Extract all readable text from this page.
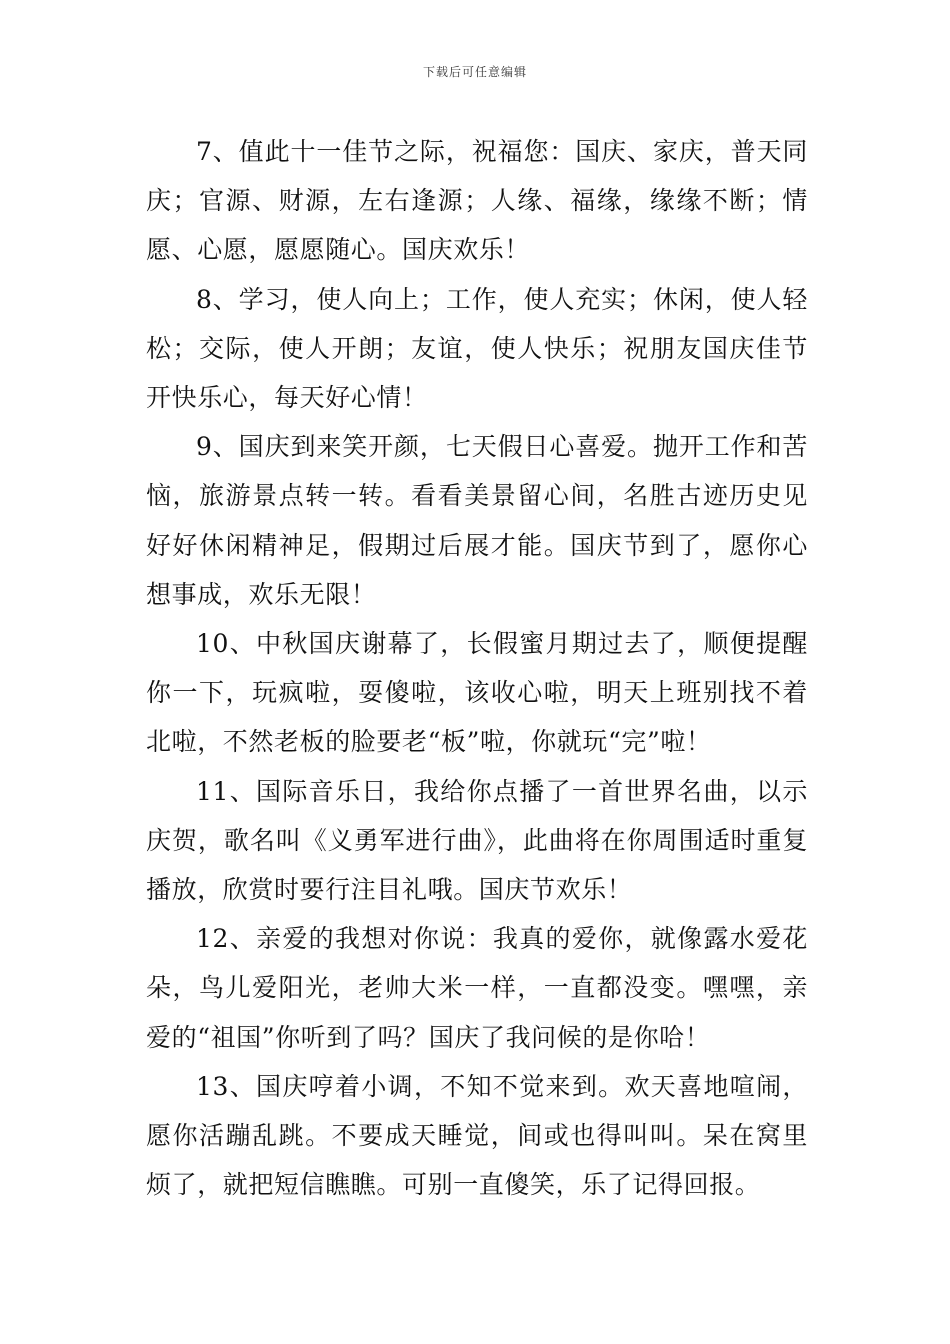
下载后可任意编辑

7、值此十一佳节之际，祝福您：国庆、家庆，普天同庆；官源、财源，左右逢源；人缘、福缘，缘缘不断；情愿、心愿，愿愿随心。国庆欢乐！

8、学习，使人向上；工作，使人充实；休闲，使人轻松；交际，使人开朗；友谊，使人快乐；祝朋友国庆佳节开快乐心，每天好心情！

9、国庆到来笑开颜，七天假日心喜爱。抛开工作和苦恼，旅游景点转一转。看看美景留心间，名胜古迹历史见好好休闲精神足，假期过后展才能。国庆节到了，愿你心想事成，欢乐无限！

10、中秋国庆谢幕了，长假蜜月期过去了，顺便提醒你一下，玩疯啦，耍傻啦，该收心啦，明天上班别找不着北啦，不然老板的脸要老“板”啦，你就玩“完”啦！

11、国际音乐日，我给你点播了一首世界名曲，以示庆贺，歌名叫《义勇军进行曲》，此曲将在你周围适时重复播放，欣赏时要行注目礼哦。国庆节欢乐！

12、亲爱的我想对你说：我真的爱你，就像露水爱花朵，鸟儿爱阳光，老帅大米一样，一直都没变。嘿嘿，亲爱的“祖国”你听到了吗？国庆了我问候的是你哈！

13、国庆哼着小调，不知不觉来到。欢天喜地喧闹，愿你活蹦乱跳。不要成天睡觉，间或也得叫叫。呆在窝里烦了，就把短信瞧瞧。可别一直傻笑，乐了记得回报。
